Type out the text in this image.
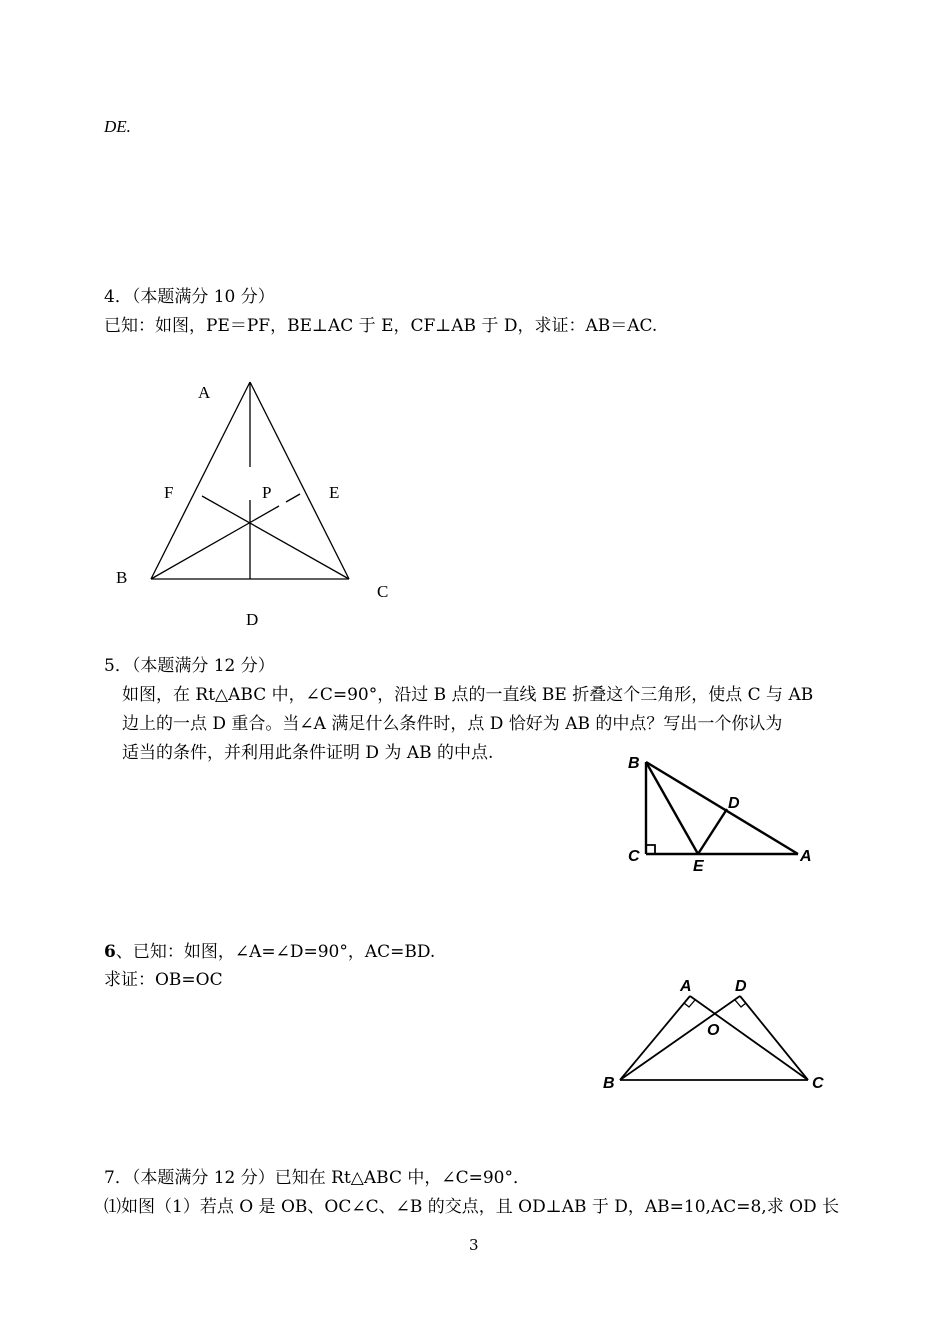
DE.
4．（本题满分 10 分）
已知：如图，PE＝PF，BE⊥AC 于 E，CF⊥AB 于 D，求证：AB＝AC.
A
F	P	E
B
C
D
5．（本题满分 12 分）
如图，在 Rt△ABC 中，∠C=90°，沿过 B 点的一直线 BE 折叠这个三角形，使点 C 与 AB
边上的一点 D 重合。当∠A 满足什么条件时，点 D 恰好为 AB 的中点？写出一个你认为
适当的条件，并利用此条件证明 D 为 AB 的中点.
B
D
C
E
A
6、已知：如图，∠A=∠D=90°，AC=BD.
求证：OB=OC	A	D
O
B	C
7．（本题满分 12 分）已知在 Rt△ABC 中，∠C=90°．
⑴如图（1）若点 O 是 OB、OC∠C、∠B 的交点，且 OD⊥AB 于 D，AB=10,AC=8,求 OD 长
3
